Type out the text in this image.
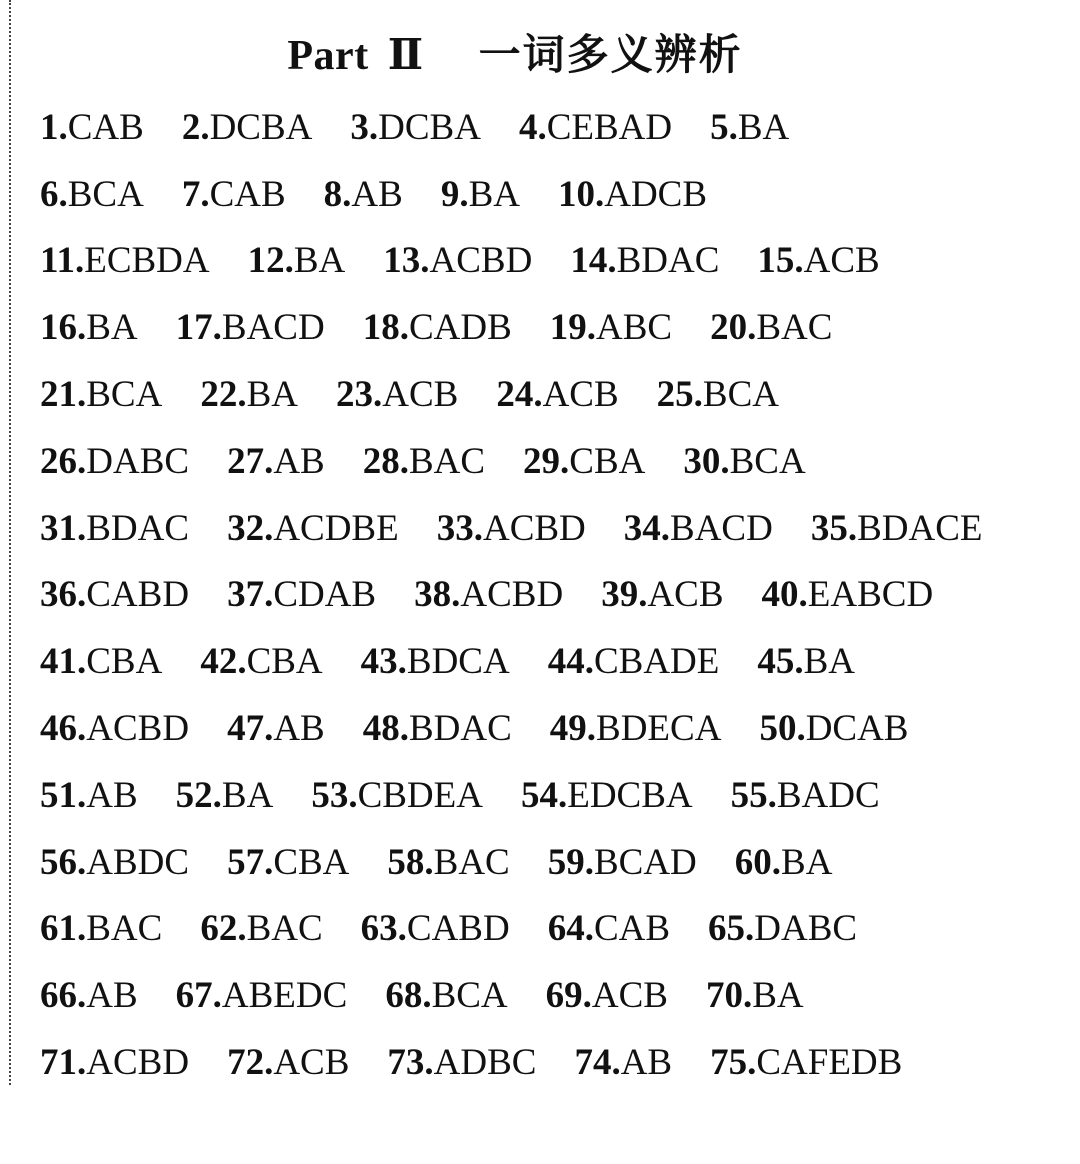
Part Ⅱ 一词多义辨析
1 . CAB 2 . DCBA 3 . DCBA 4 . CEBAD 5 . BA
6 . BCA 7 . CAB 8 . AB 9 . BA 10 . ADCB
11 . ECBDA 12 . BA 13 . ACBD 14 . BDAC 15 . ACB
16 . BA 17 . BACD 18 . CADB 19 . ABC 20 . BAC
21 . BCA 22 . BA 23 . ACB 24 . ACB 25 . BCA
26 . DABC 27 . AB 28 . BAC 29 . CBA 30 . BCA
31 . BDAC 32 . ACDBE 33 . ACBD 34 . BACD 35 . BDACE
36 . CABD 37 . CDAB 38 . ACBD 39 . ACB 40 . EABCD
41 . CBA 42 . CBA 43 . BDCA 44 . CBADE 45 . BA
46 . ACBD 47 . AB 48 . BDAC 49 . BDECA 50 . DCAB
51 . AB 52 . BA 53 . CBDEA 54 . EDCBA 55 . BADC
56 . ABDC 57 . CBA 58 . BAC 59 . BCAD 60 . BA
61 . BAC 62 . BAC 63 . CABD 64 . CAB 65 . DABC
66 . AB 67 . ABEDC 68 . BCA 69 . ACB 70 . BA
71 . ACBD 72 . ACB 73 . ADBC 74 . AB 75 . CAFEDB
